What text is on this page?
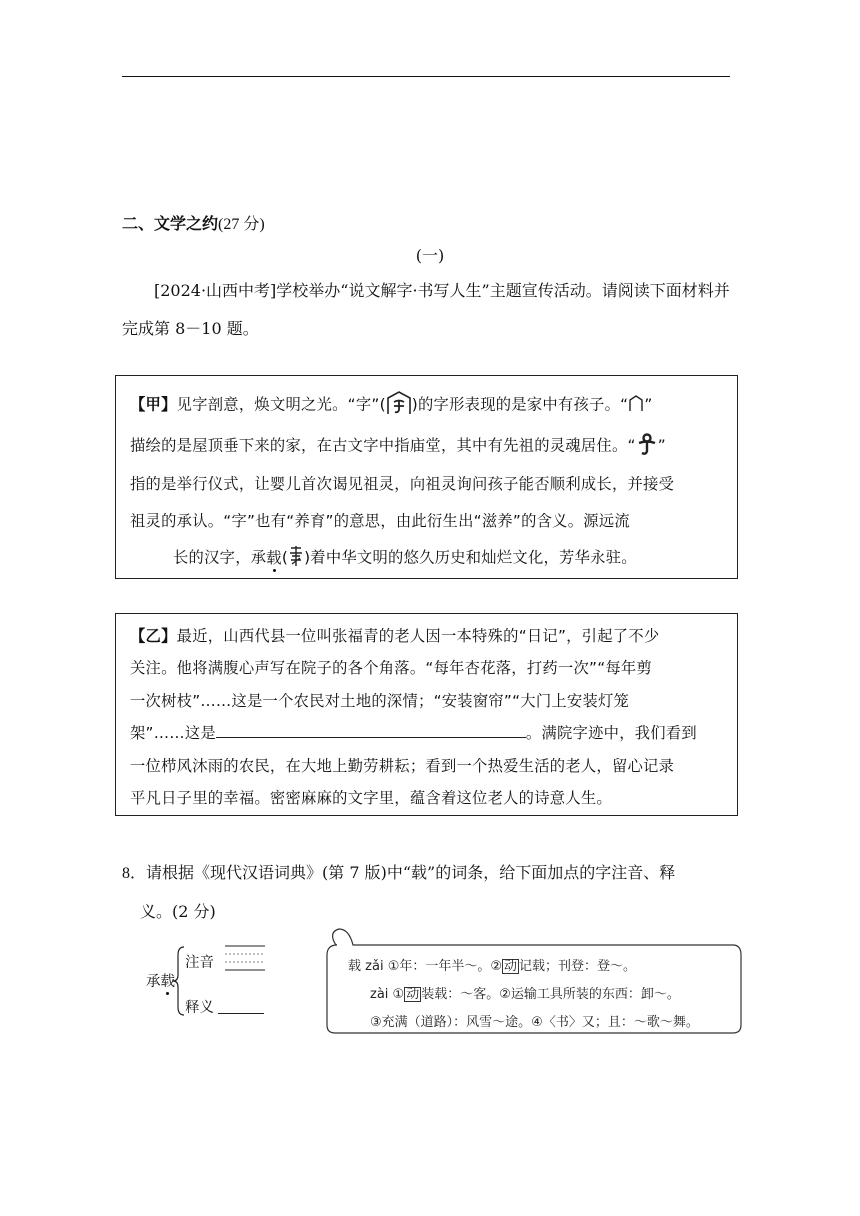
二、文学之约(27 分)
(一)
[2024·山西中考]学校举办“说文解字·书写人生”主题宣传活动。请阅读下面材料并完成第 8－10 题。
【甲】见字剖意，焕文明之光。“字”( )的字形表现的是家中有孩子。“ ”
描绘的是屋顶垂下来的家，在古文字中指庙堂，其中有先祖的灵魂居住。“ ”
指的是举行仪式，让婴儿首次谒见祖灵，向祖灵询问孩子能否顺利成长，并接受
祖灵的承认。“字”也有“养育”的意思，由此衍生出“滋养”的含义。源远流
长的汉字，承载( )着中华文明的悠久历史和灿烂文化，芳华永驻。
【乙】最近，山西代县一位叫张福青的老人因一本特殊的“日记”，引起了不少
关注。他将满腹心声写在院子的各个角落。“每年杏花落，打药一次”“每年剪
一次树枝”……这是一个农民对土地的深情；“安装窗帘”“大门上安装灯笼
架”……这是	。满院字迹中，我们看到
一位栉风沐雨的农民，在大地上勤劳耕耘；看到一个热爱生活的老人，留心记录
平凡日子里的幸福。密密麻麻的文字里，蕴含着这位老人的诗意人生。
8．请根据《现代汉语词典》(第 7 版)中“载”的词条，给下面加点的字注音、释
义。(2 分)
承载
注音
释义
载 zǎi ①年：一年半～。② 动 记载；刊登：登～。
zài ① 动 装载：～客。②运输工具所装的东西：卸～。
③充满（道路）：风雪～途。④〈书〉又；且：～歌～舞。
